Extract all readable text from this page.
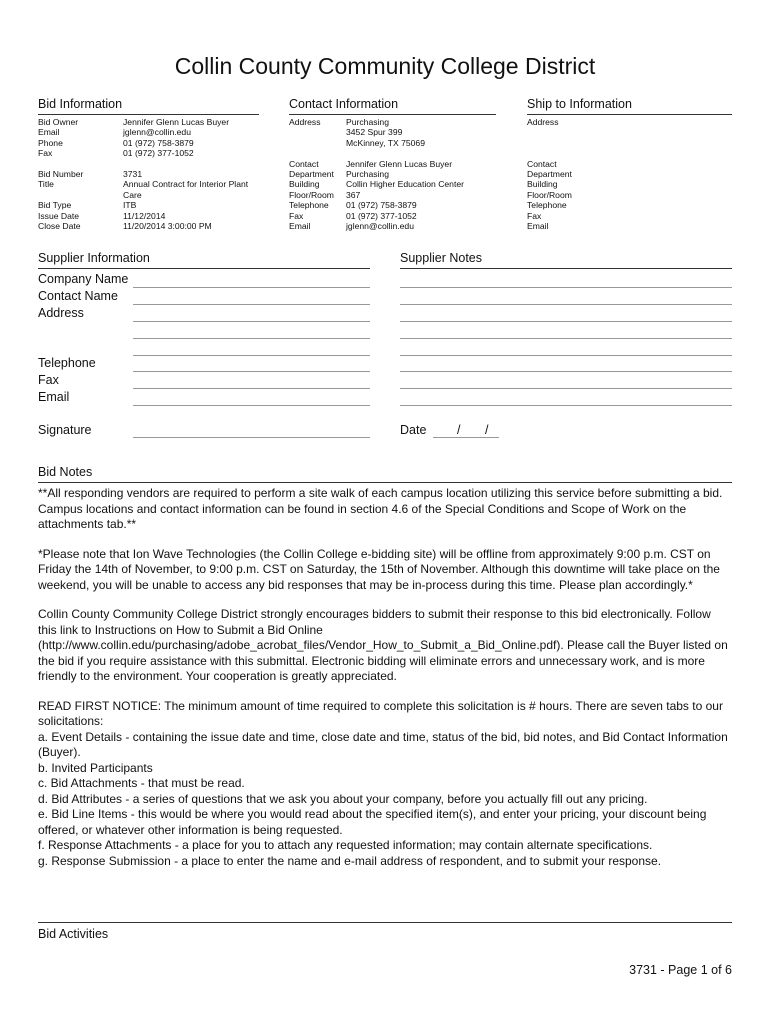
Collin County Community College District
Bid Information
Bid Owner
Email
Phone
Fax

Bid Number
Title

Bid Type
Issue Date
Close Date
Jennifer Glenn Lucas Buyer
jglenn@collin.edu
01 (972) 758-3879
01 (972) 377-1052

3731
Annual Contract for Interior Plant
Care
ITB
11/12/2014
11/20/2014 3:00:00 PM
Contact Information
Address

Contact
Department
Building
Floor/Room
Telephone
Fax
Email
Purchasing
3452 Spur 399
McKinney, TX 75069

Jennifer Glenn Lucas Buyer
Purchasing
Collin Higher Education Center
367
01 (972) 758-3879
01 (972) 377-1052
jglenn@collin.edu
Ship to Information
Address

Contact
Department
Building
Floor/Room
Telephone
Fax
Email
Supplier Information
Company Name
Contact Name
Address
Telephone
Fax
Email
Signature
Supplier Notes
Date / /
Bid Notes

**All responding vendors are required to perform a site walk of each campus location utilizing this service before submitting a bid. Campus locations and contact information can be found in section 4.6 of the Special Conditions and Scope of Work on the attachments tab.**

*Please note that Ion Wave Technologies (the Collin College e-bidding site) will be offline from approximately 9:00 p.m. CST on Friday the 14th of November, to 9:00 p.m. CST on Saturday, the 15th of November. Although this downtime will take place on the weekend, you will be unable to access any bid responses that may be in-process during this time. Please plan accordingly.*

Collin County Community College District strongly encourages bidders to submit their response to this bid electronically. Follow this link to Instructions on How to Submit a Bid Online (http://www.collin.edu/purchasing/adobe_acrobat_files/Vendor_How_to_Submit_a_Bid_Online.pdf). Please call the Buyer listed on the bid if you require assistance with this submittal. Electronic bidding will eliminate errors and unnecessary work, and is more friendly to the environment. Your cooperation is greatly appreciated.

READ FIRST NOTICE: The minimum amount of time required to complete this solicitation is # hours. There are seven tabs to our solicitations:
a. Event Details - containing the issue date and time, close date and time, status of the bid, bid notes, and Bid Contact Information (Buyer).
b. Invited Participants
c. Bid Attachments - that must be read.
d. Bid Attributes - a series of questions that we ask you about your company, before you actually fill out any pricing.
e. Bid Line Items - this would be where you would read about the specified item(s), and enter your pricing, your discount being offered, or whatever other information is being requested.
f. Response Attachments - a place for you to attach any requested information; may contain alternate specifications.
g. Response Submission - a place to enter the name and e-mail address of respondent, and to submit your response.
Bid Activities
3731 - Page 1 of 6
